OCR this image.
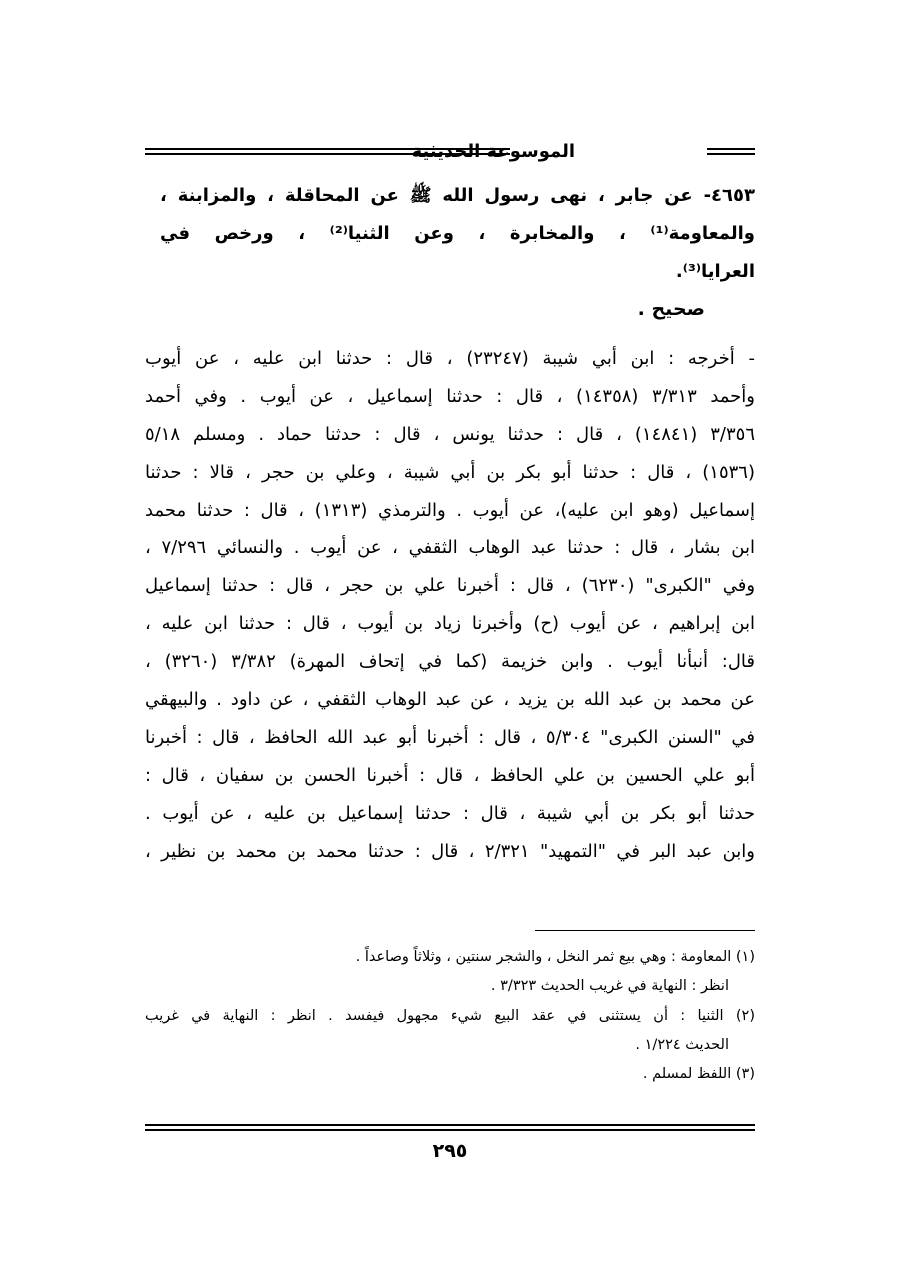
الموسوعة الحديثية
٤٦٥٣- عن جابر ، نهى رسول الله ﷺ عن المحاقلة ، والمزابنة ،
والمعاومة⁽¹⁾ ، والمخابرة ، وعن الثنيا⁽²⁾ ، ورخص في
العرايا⁽³⁾.
صحيح .
- أخرجه : ابن أبي شيبة (٢٣٢٤٧) ، قال : حدثنا ابن عليه ، عن أيوب
وأحمد ٣/٣١٣ (١٤٣٥٨) ، قال : حدثنا إسماعيل ، عن أيوب . وفي أحمد
٣/٣٥٦ (١٤٨٤١) ، قال : حدثنا يونس ، قال : حدثنا حماد . ومسلم ٥/١٨
(١٥٣٦) ، قال : حدثنا أبو بكر بن أبي شيبة ، وعلي بن حجر ، قالا : حدثنا
إسماعيل (وهو ابن عليه)، عن أيوب . والترمذي (١٣١٣) ، قال : حدثنا محمد
ابن بشار ، قال : حدثنا عبد الوهاب الثقفي ، عن أيوب . والنسائي ٧/٢٩٦ ،
وفي "الكبرى" (٦٢٣٠) ، قال : أخبرنا علي بن حجر ، قال : حدثنا إسماعيل
ابن إبراهيم ، عن أيوب (ح) وأخبرنا زياد بن أيوب ، قال : حدثنا ابن عليه ،
قال: أنبأنا أيوب . وابن خزيمة (كما في إتحاف المهرة) ٣/٣٨٢ (٣٢٦٠) ،
عن محمد بن عبد الله بن يزيد ، عن عبد الوهاب الثقفي ، عن داود . والبيهقي
في "السنن الكبرى" ٥/٣٠٤ ، قال : أخبرنا أبو عبد الله الحافظ ، قال : أخبرنا
أبو علي الحسين بن علي الحافظ ، قال : أخبرنا الحسن بن سفيان ، قال :
حدثنا أبو بكر بن أبي شيبة ، قال : حدثنا إسماعيل بن عليه ، عن أيوب .
وابن عبد البر في "التمهيد" ٢/٣٢١ ، قال : حدثنا محمد بن محمد بن نظير ،
(١) المعاومة : وهي بيع ثمر النخل ، والشجر سنتين ، وثلاثاً وصاعداً .
انظر : النهاية في غريب الحديث ٣/٣٢٣ .
(٢) الثنيا : أن يستثنى في عقد البيع شيء مجهول فيفسد . انظر : النهاية في غريب
الحديث ١/٢٢٤ .
(٣) اللفظ لمسلم .
٢٩٥
